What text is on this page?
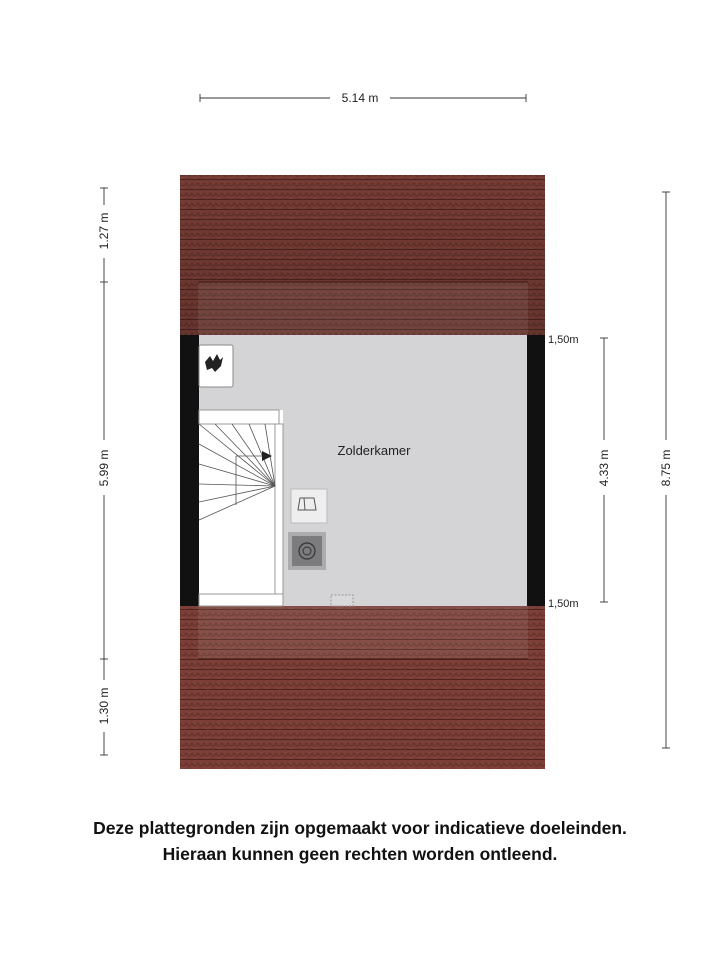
Zolderkamer
5.14 m
1.27 m
5.99 m
1.30 m
4.33 m	8.75 m
1,50m
1,50m
Deze plattegronden zijn opgemaakt voor indicatieve doeleinden.
Hieraan kunnen geen rechten worden ontleend.
